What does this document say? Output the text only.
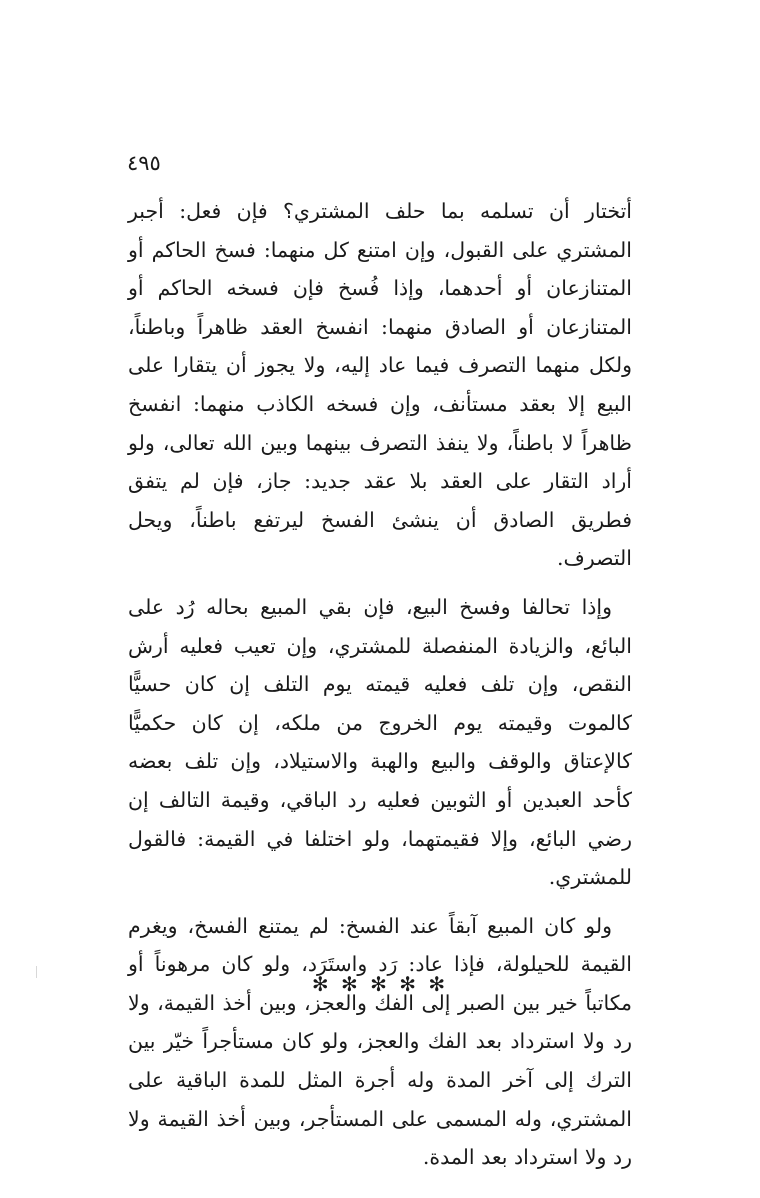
٤٩٥

أتختار أن تسلمه بما حلف المشتري؟ فإن فعل: أجبر المشتري على القبول، وإن امتنع كل منهما: فسخ الحاكم أو المتنازعان أو أحدهما، وإذا فُسخ فإن فسخه الحاكم أو المتنازعان أو الصادق منهما: انفسخ العقد ظاهراً وباطناً، ولكل منهما التصرف فيما عاد إليه، ولا يجوز أن يتقارا على البيع إلا بعقد مستأنف، وإن فسخه الكاذب منهما: انفسخ ظاهراً لا باطناً، ولا ينفذ التصرف بينهما وبين الله تعالى، ولو أراد التقار على العقد بلا عقد جديد: جاز، فإن لم يتفق فطريق الصادق أن ينشئ الفسخ ليرتفع باطناً، ويحل التصرف.

وإذا تحالفا وفسخ البيع، فإن بقي المبيع بحاله رُد على البائع، والزيادة المنفصلة للمشتري، وإن تعيب فعليه أرش النقص، وإن تلف فعليه قيمته يوم التلف إن كان حسيًّا كالموت وقيمته يوم الخروج من ملكه، إن كان حكميًّا كالإعتاق والوقف والبيع والهبة والاستيلاد، وإن تلف بعضه كأحد العبدين أو الثوبين فعليه رد الباقي، وقيمة التالف إن رضي البائع، وإلا فقيمتهما، ولو اختلفا في القيمة: فالقول للمشتري.

ولو كان المبيع آبقاً عند الفسخ: لم يمتنع الفسخ، ويغرم القيمة للحيلولة، فإذا عاد: رَد واستَرَد، ولو كان مرهوناً أو مكاتباً خير بين الصبر إلى الفك والعجز، وبين أخذ القيمة، ولا رد ولا استرداد بعد الفك والعجز، ولو كان مستأجراً خيّر بين الترك إلى آخر المدة وله أجرة المثل للمدة الباقية على المشتري، وله المسمى على المستأجر، وبين أخذ القيمة ولا رد ولا استرداد بعد المدة.

✻ ✻ ✻ ✻ ✻
